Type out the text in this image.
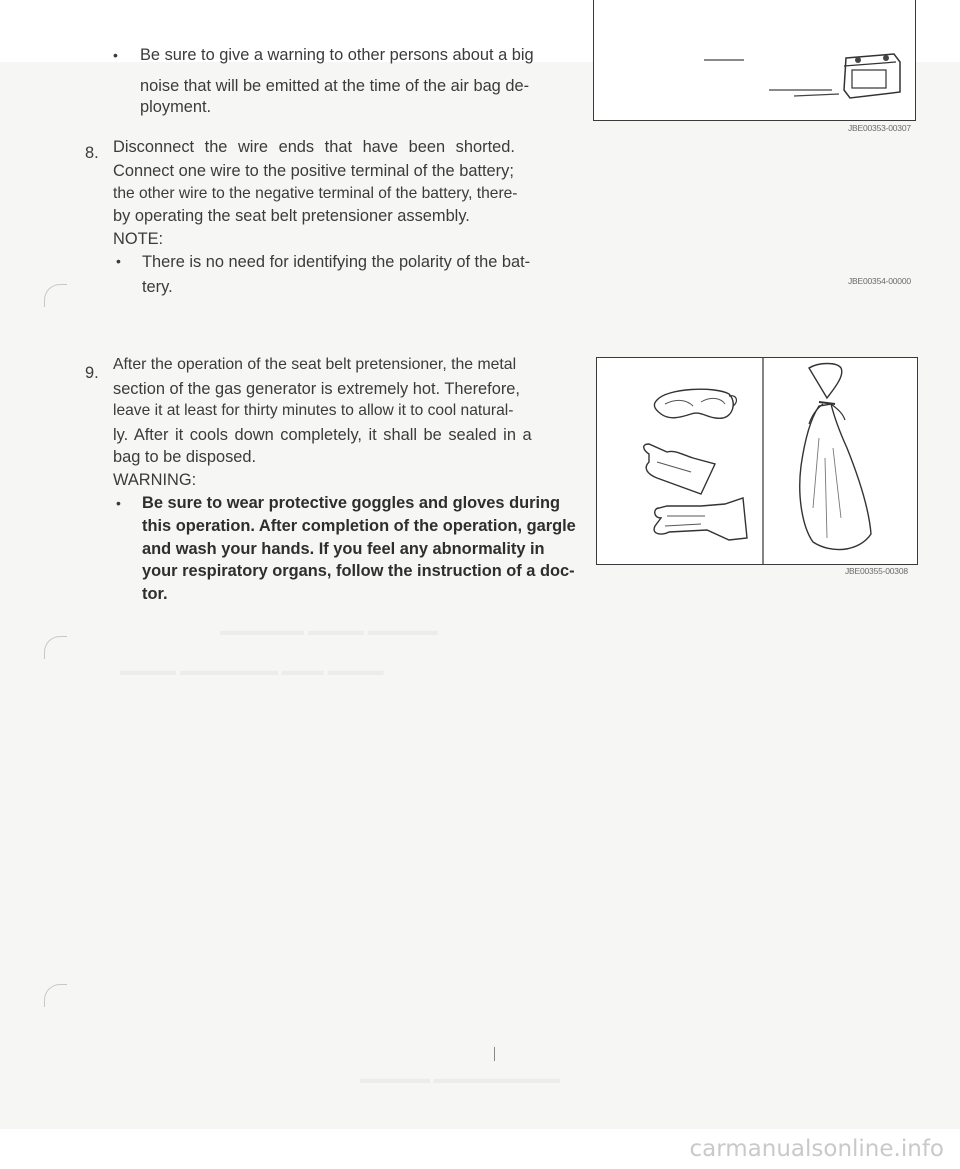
▬▬▬▬▬▬ ▬▬▬▬ ▬▬▬▬▬
▬▬▬▬ ▬▬▬▬▬▬▬ ▬▬▬ ▬▬▬▬
▬▬▬▬▬ ▬▬▬▬▬▬▬▬▬
• Be sure to give a warning to other persons about a big
noise that will be emitted at the time of the air bag de-
ployment.
8. Disconnect the wire ends that have been shorted.
Connect one wire to the positive terminal of the battery;
the other wire to the negative terminal of the battery, there-
by operating the seat belt pretensioner assembly.
NOTE:
• There is no need for identifying the polarity of the bat-
tery.
9. After the operation of the seat belt pretensioner, the metal
section of the gas generator is extremely hot. Therefore,
leave it at least for thirty minutes to allow it to cool natural-
ly. After it cools down completely, it shall be sealed in a
bag to be disposed.
WARNING:
• Be sure to wear protective goggles and gloves during
this operation. After completion of the operation, gargle
and wash your hands. If you feel any abnormality in
your respiratory organs, follow the instruction of a doc-
tor.
JBE00353-00307
JBE00354-00000
JBE00355-00308
carmanualsonline.info
